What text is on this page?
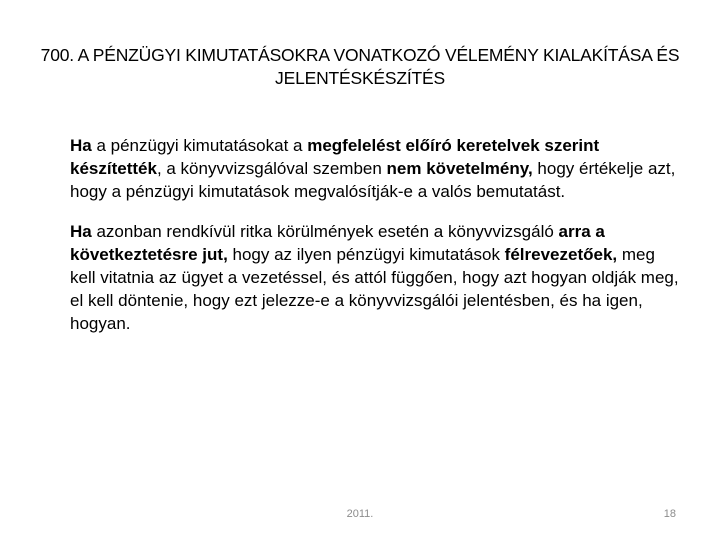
700. A PÉNZÜGYI KIMUTATÁSOKRA VONATKOZÓ VÉLEMÉNY KIALAKÍTÁSA ÉS
JELENTÉSKÉSZÍTÉS

Ha a pénzügyi kimutatásokat a megfelelést előíró keretelvek szerint készítették, a könyvvizsgálóval szemben nem követelmény, hogy értékelje azt, hogy a pénzügyi kimutatások megvalósítják-e a valós bemutatást.

Ha azonban rendkívül ritka körülmények esetén a könyvvizsgáló arra a következtetésre jut, hogy az ilyen pénzügyi kimutatások félrevezetőek, meg kell vitatnia az ügyet a vezetéssel, és attól függően, hogy azt hogyan oldják meg, el kell döntenie, hogy ezt jelezze-e a könyvvizsgálói jelentésben, és ha igen, hogyan.

2011.	18
